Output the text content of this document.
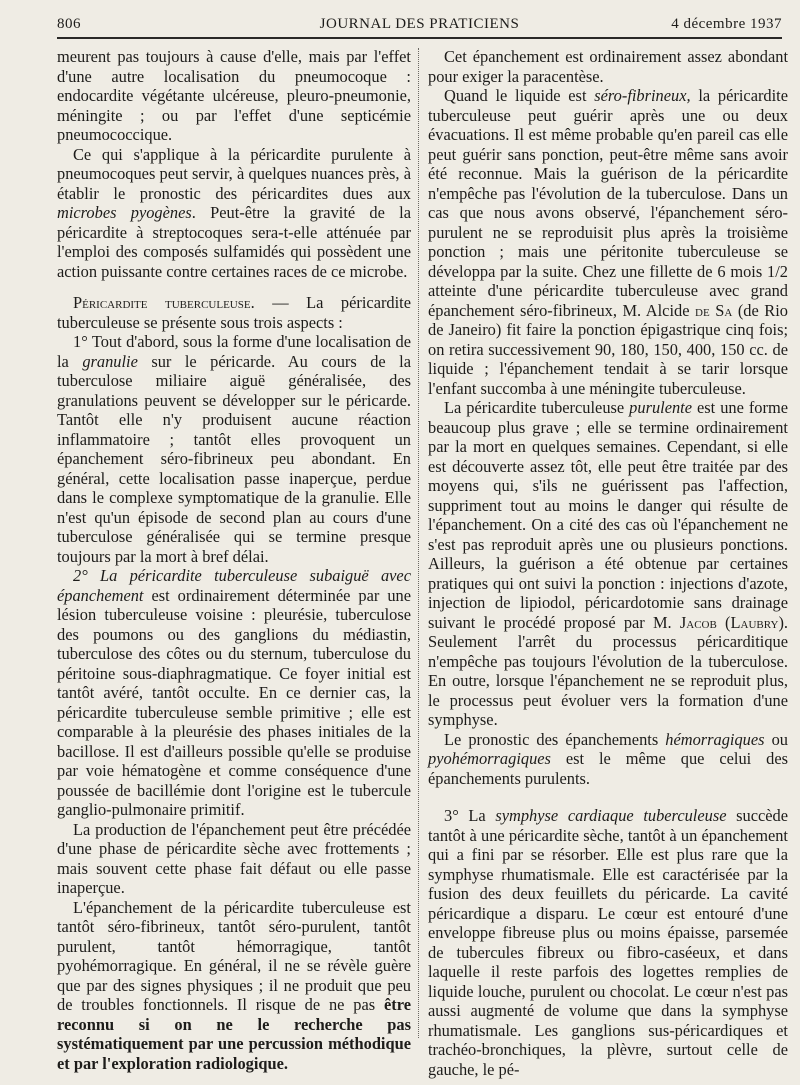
806	JOURNAL DES PRATICIENS	4 décembre 1937

meurent pas toujours à cause d'elle, mais par l'effet d'une autre localisation du pneumocoque : endocardite végétante ulcéreuse, pleuro-pneumonie, méningite ; ou par l'effet d'une septicémie pneumococcique.

Ce qui s'applique à la péricardite purulente à pneumocoques peut servir, à quelques nuances près, à établir le pronostic des péricardites dues aux microbes pyogènes. Peut-être la gravité de la péricardite à streptocoques sera-t-elle atténuée par l'emploi des composés sulfamidés qui possèdent une action puissante contre certaines races de ce microbe.

Péricardite tuberculeuse. — La péricardite tuberculeuse se présente sous trois aspects :

1° Tout d'abord, sous la forme d'une localisation de la granulie sur le péricarde. Au cours de la tuberculose miliaire aiguë généralisée, des granulations peuvent se développer sur le péricarde. Tantôt elle n'y produisent aucune réaction inflammatoire ; tantôt elles provoquent un épanchement séro-fibrineux peu abondant. En général, cette localisation passe inaperçue, perdue dans le complexe symptomatique de la granulie. Elle n'est qu'un épisode de second plan au cours d'une tuberculose généralisée qui se termine presque toujours par la mort à bref délai.

2° La péricardite tuberculeuse subaiguë avec épanchement est ordinairement déterminée par une lésion tuberculeuse voisine : pleurésie, tuberculose des poumons ou des ganglions du médiastin, tuberculose des côtes ou du sternum, tuberculose du péritoine sous-diaphragmatique. Ce foyer initial est tantôt avéré, tantôt occulte. En ce dernier cas, la péricardite tuberculeuse semble primitive ; elle est comparable à la pleurésie des phases initiales de la bacillose. Il est d'ailleurs possible qu'elle se produise par voie hématogène et comme conséquence d'une poussée de bacillémie dont l'origine est le tubercule ganglio-pulmonaire primitif.

La production de l'épanchement peut être précédée d'une phase de péricardite sèche avec frottements ; mais souvent cette phase fait défaut ou elle passe inaperçue.

L'épanchement de la péricardite tuberculeuse est tantôt séro-fibrineux, tantôt séro-purulent, tantôt purulent, tantôt hémorragique, tantôt pyohémorragique. En général, il ne se révèle guère que par des signes physiques ; il ne produit que peu de troubles fonctionnels. Il risque de ne pas être reconnu si on ne le recherche pas systématiquement par une percussion méthodique et par l'exploration radiologique.

Cet épanchement est ordinairement assez abondant pour exiger la paracentèse.

Quand le liquide est séro-fibrineux, la péricardite tuberculeuse peut guérir après une ou deux évacuations. Il est même probable qu'en pareil cas elle peut guérir sans ponction, peut-être même sans avoir été reconnue. Mais la guérison de la péricardite n'empêche pas l'évolution de la tuberculose. Dans un cas que nous avons observé, l'épanchement séro-purulent ne se reproduisit plus après la troisième ponction ; mais une péritonite tuberculeuse se développa par la suite. Chez une fillette de 6 mois 1/2 atteinte d'une péricardite tuberculeuse avec grand épanchement séro-fibrineux, M. Alcide de Sa (de Rio de Janeiro) fit faire la ponction épigastrique cinq fois; on retira successivement 90, 180, 150, 400, 150 cc. de liquide ; l'épanchement tendait à se tarir lorsque l'enfant succomba à une méningite tuberculeuse.

La péricardite tuberculeuse purulente est une forme beaucoup plus grave ; elle se termine ordinairement par la mort en quelques semaines. Cependant, si elle est découverte assez tôt, elle peut être traitée par des moyens qui, s'ils ne guérissent pas l'affection, suppriment tout au moins le danger qui résulte de l'épanchement. On a cité des cas où l'épanchement ne s'est pas reproduit après une ou plusieurs ponctions. Ailleurs, la guérison a été obtenue par certaines pratiques qui ont suivi la ponction : injections d'azote, injection de lipiodol, péricardotomie sans drainage suivant le procédé proposé par M. Jacob (Laubry). Seulement l'arrêt du processus péricarditique n'empêche pas toujours l'évolution de la tuberculose. En outre, lorsque l'épanchement ne se reproduit plus, le processus peut évoluer vers la formation d'une symphyse.

Le pronostic des épanchements hémorragiques ou pyohémorragiques est le même que celui des épanchements purulents.

3° La symphyse cardiaque tuberculeuse succède tantôt à une péricardite sèche, tantôt à un épanchement qui a fini par se résorber. Elle est plus rare que la symphyse rhumatismale. Elle est caractérisée par la fusion des deux feuillets du péricarde. La cavité péricardique a disparu. Le cœur est entouré d'une enveloppe fibreuse plus ou moins épaisse, parsemée de tubercules fibreux ou fibro-caséeux, et dans laquelle il reste parfois des logettes remplies de liquide louche, purulent ou chocolat. Le cœur n'est pas aussi augmenté de volume que dans la symphyse rhumatismale. Les ganglions sus-péricardiques et trachéo-bronchiques, la plèvre, surtout celle de gauche, le pé-
